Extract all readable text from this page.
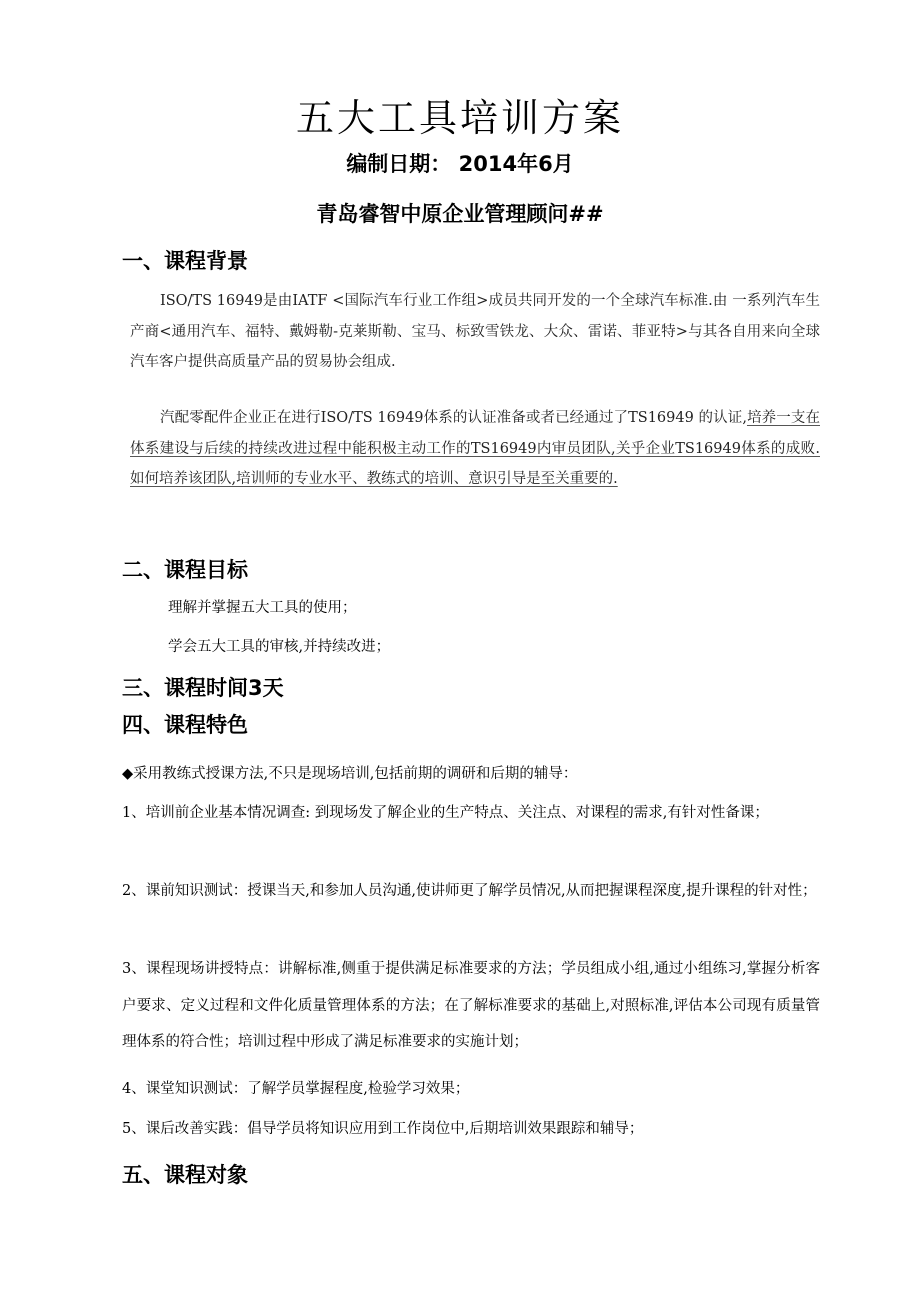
五大工具培训方案
编制日期： 2014年6月
青岛睿智中原企业管理顾问##
一、课程背景
ISO/TS 16949是由IATF <国际汽车行业工作组>成员共同开发的一个全球汽车标准.由 一系列汽车生产商<通用汽车、福特、戴姆勒-克莱斯勒、宝马、标致雪铁龙、大众、雷诺、菲亚特>与其各自用来向全球汽车客户提供高质量产品的贸易协会组成.
汽配零配件企业正在进行ISO/TS 16949体系的认证准备或者已经通过了TS16949 的认证,培养一支在体系建设与后续的持续改进过程中能积极主动工作的TS16949内审员团队,关乎企业TS16949体系的成败.如何培养该团队,培训师的专业水平、教练式的培训、意识引导是至关重要的.
二、课程目标
理解并掌握五大工具的使用；
学会五大工具的审核,并持续改进；
三、课程时间3天
四、课程特色
◆采用教练式授课方法,不只是现场培训,包括前期的调研和后期的辅导：
1、培训前企业基本情况调查: 到现场发了解企业的生产特点、关注点、对课程的需求,有针对性备课；
2、课前知识测试：授课当天,和参加人员沟通,使讲师更了解学员情况,从而把握课程深度,提升课程的针对性；
3、课程现场讲授特点：讲解标准,侧重于提供满足标准要求的方法；学员组成小组,通过小组练习,掌握分析客户要求、定义过程和文件化质量管理体系的方法；在了解标准要求的基础上,对照标准,评估本公司现有质量管理体系的符合性；培训过程中形成了满足标准要求的实施计划；
4、课堂知识测试：了解学员掌握程度,检验学习效果；
5、课后改善实践：倡导学员将知识应用到工作岗位中,后期培训效果跟踪和辅导；
五、课程对象
